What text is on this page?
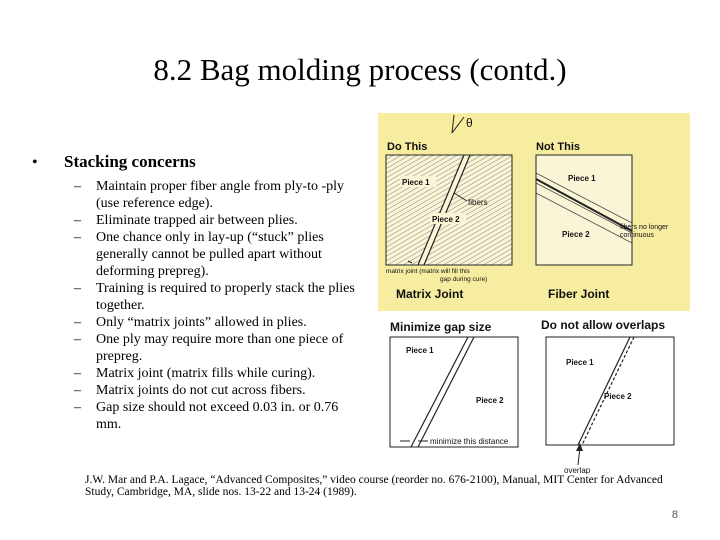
8.2 Bag molding process (contd.)
• Stacking concerns
– Maintain proper fiber angle from ply-to -ply (use reference edge).
– Eliminate trapped air between plies.
– One chance only in lay-up (“stuck” plies generally cannot be pulled apart without deforming prepreg).
– Training is required to properly stack the plies together.
– Only “matrix joints” allowed in plies.
– One ply may require more than one piece of prepreg.
– Matrix joint (matrix fills while curing).
– Matrix joints do not cut across fibers.
– Gap size should not exceed 0.03 in. or 0.76 mm.
Do This	Not This
θ
Piece 1
Piece 2
fibers
matrix joint (matrix will fill this
gap during cure)
Piece 1
Piece 2
fibers no longer
continuous
Matrix Joint	Fiber Joint
Minimize gap size	Do not allow overlaps
Piece 1
Piece 2
minimize this distance
Piece 1
Piece 2
overlap
J.W. Mar and P.A. Lagace, “Advanced Composites,” video course (reorder no. 676-2100), Manual, MIT Center for Advanced Study, Cambridge, MA, slide nos. 13-22 and 13-24 (1989).
8
